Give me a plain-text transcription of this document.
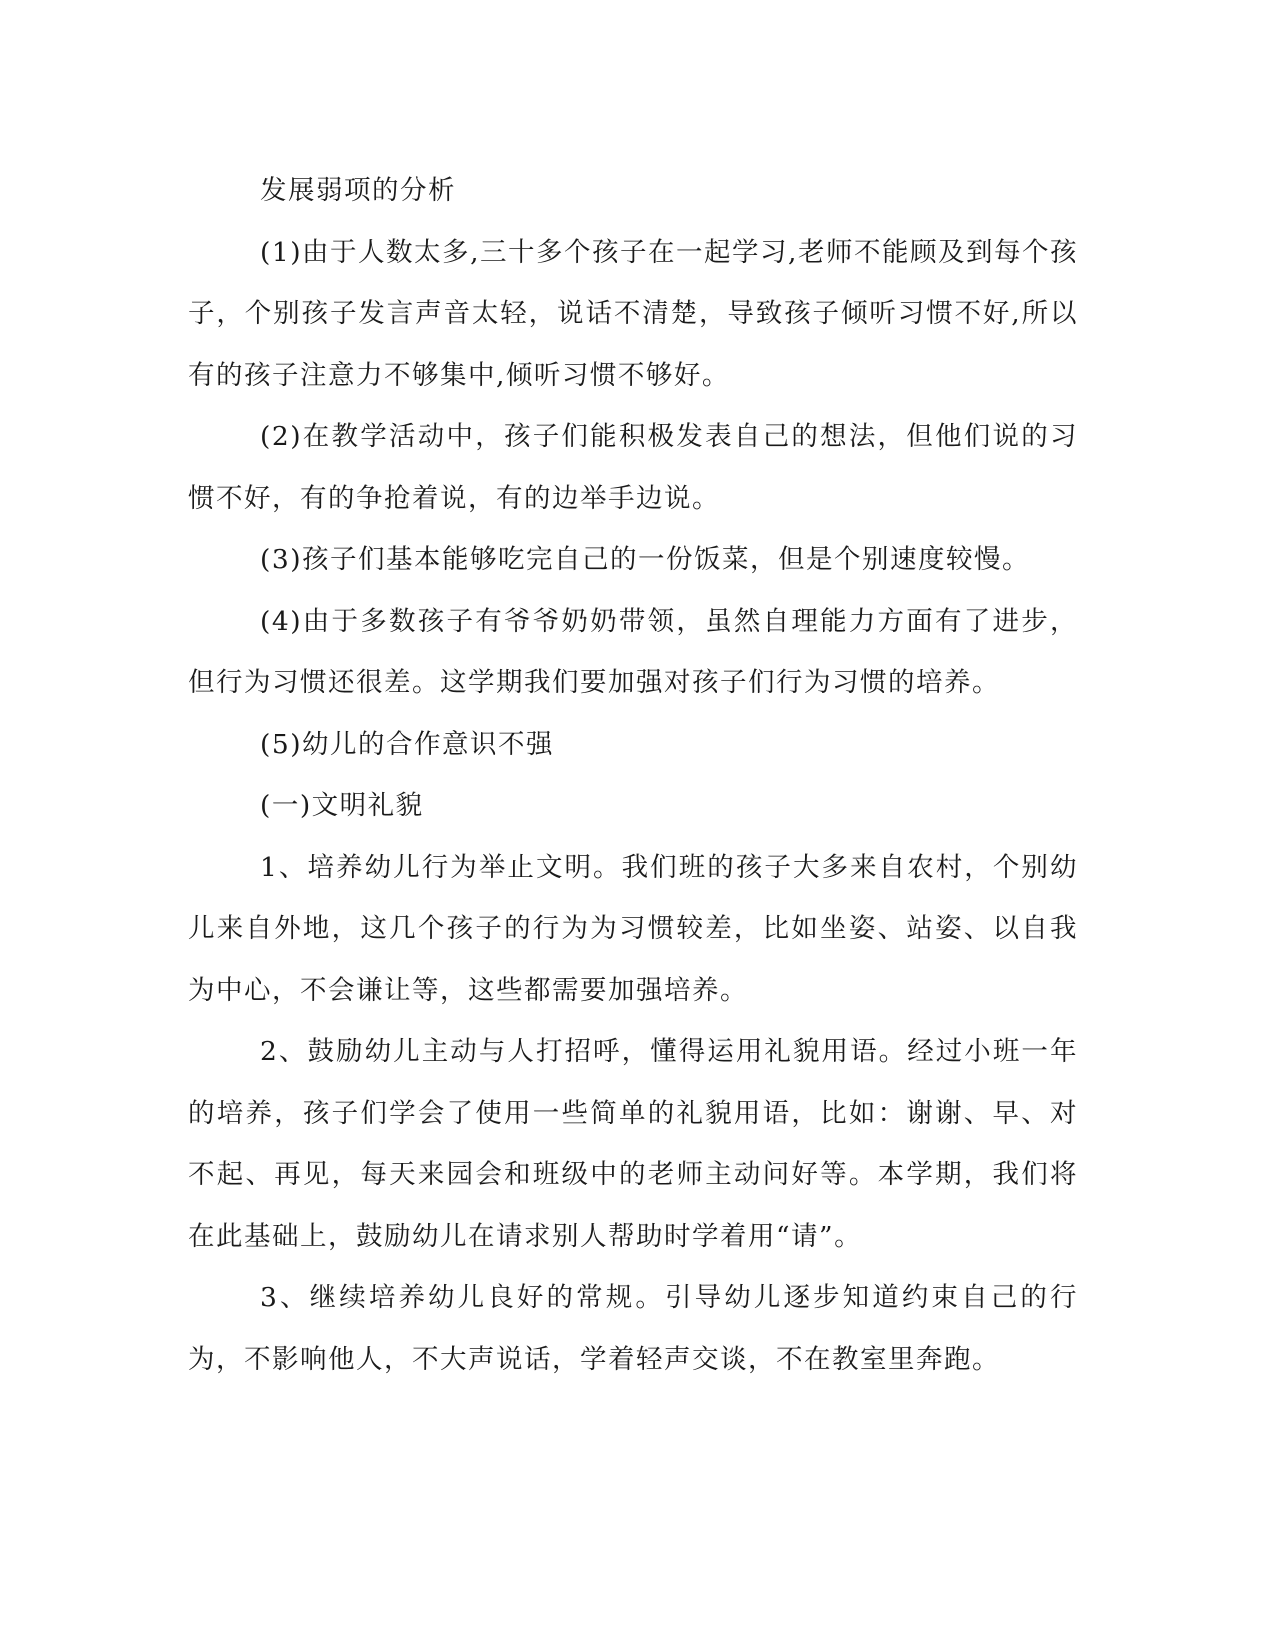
发展弱项的分析

(1)由于人数太多,三十多个孩子在一起学习,老师不能顾及到每个孩子，个别孩子发言声音太轻，说话不清楚，导致孩子倾听习惯不好,所以有的孩子注意力不够集中,倾听习惯不够好。

(2)在教学活动中，孩子们能积极发表自己的想法，但他们说的习惯不好，有的争抢着说，有的边举手边说。

(3)孩子们基本能够吃完自己的一份饭菜，但是个别速度较慢。

(4)由于多数孩子有爷爷奶奶带领，虽然自理能力方面有了进步，但行为习惯还很差。这学期我们要加强对孩子们行为习惯的培养。

(5)幼儿的合作意识不强

(一)文明礼貌

1、培养幼儿行为举止文明。我们班的孩子大多来自农村，个别幼儿来自外地，这几个孩子的行为为习惯较差，比如坐姿、站姿、以自我为中心，不会谦让等，这些都需要加强培养。

2、鼓励幼儿主动与人打招呼，懂得运用礼貌用语。经过小班一年的培养，孩子们学会了使用一些简单的礼貌用语，比如：谢谢、早、对不起、再见，每天来园会和班级中的老师主动问好等。本学期，我们将在此基础上，鼓励幼儿在请求别人帮助时学着用“请”。

3、继续培养幼儿良好的常规。引导幼儿逐步知道约束自己的行为，不影响他人，不大声说话，学着轻声交谈，不在教室里奔跑。
